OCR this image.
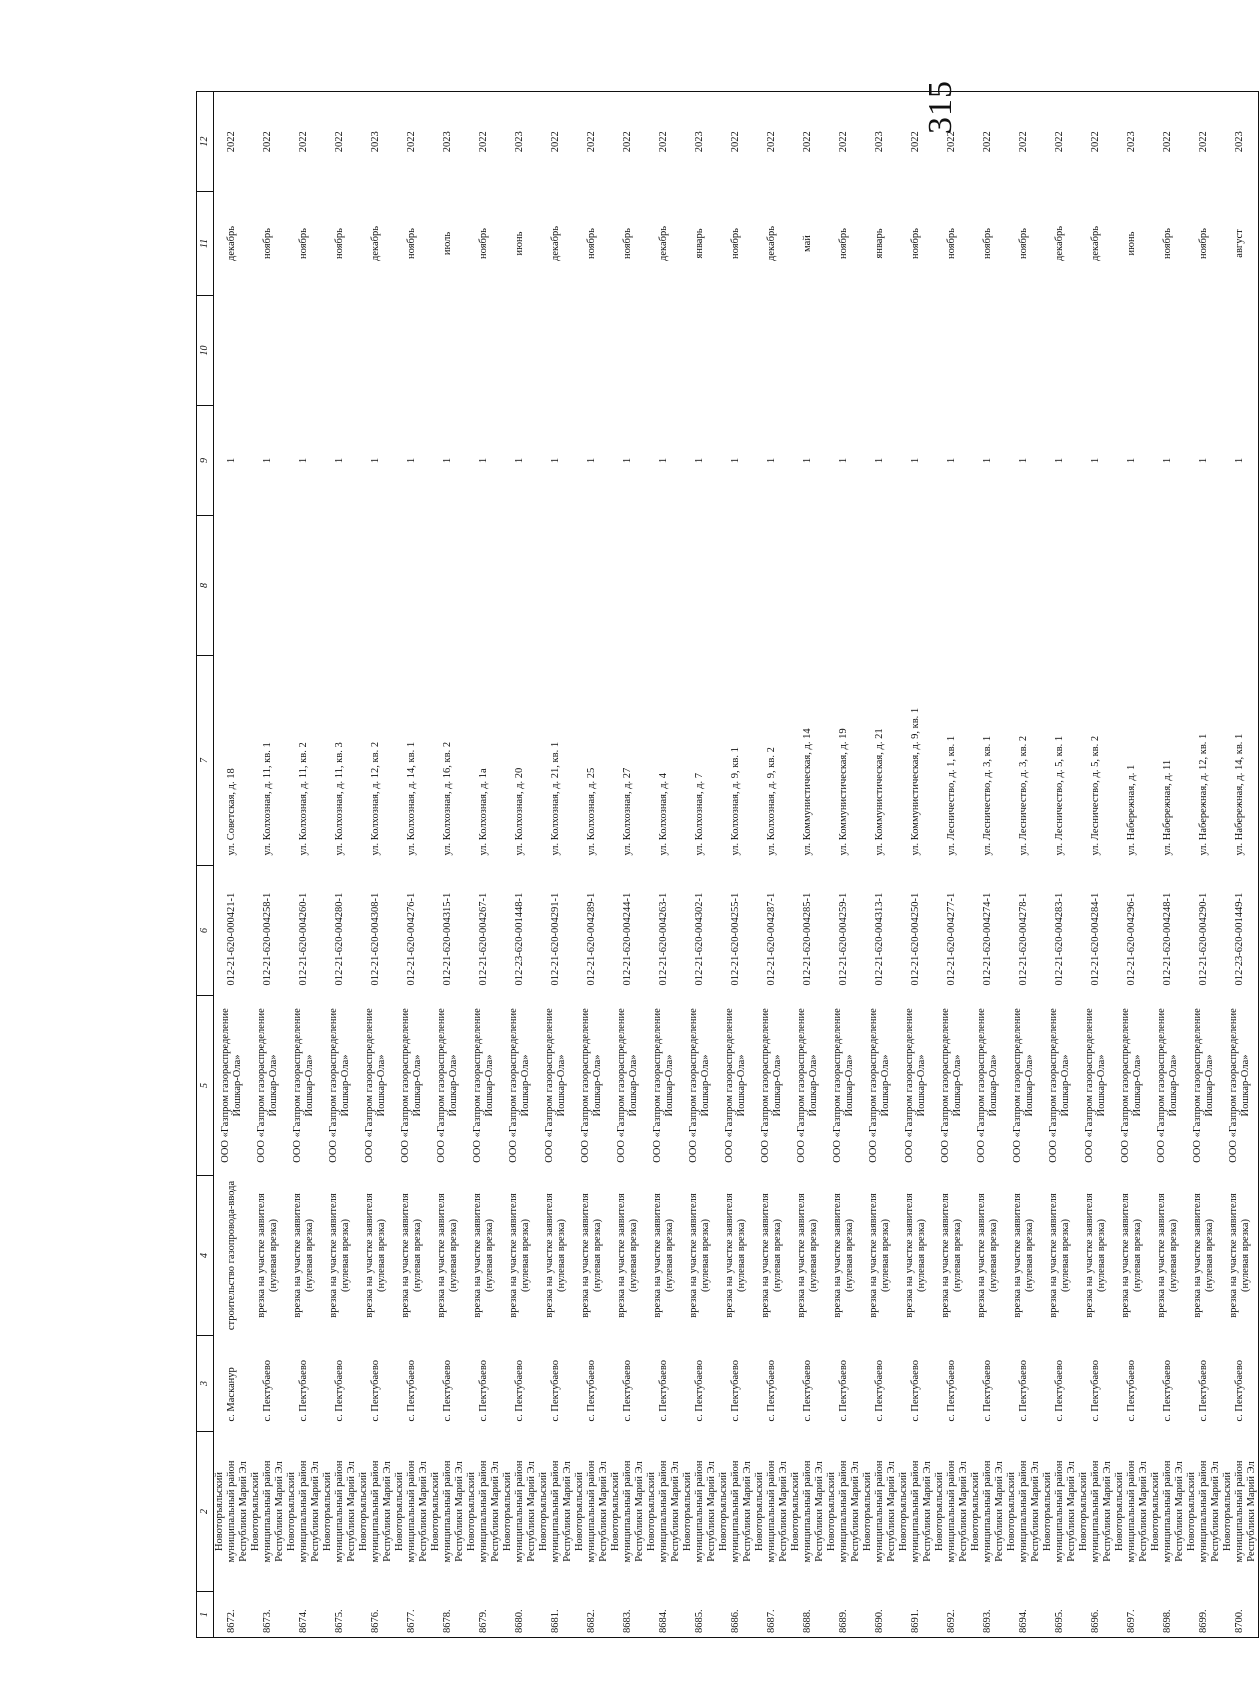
315
1	2	3	4	5	6	7	8	9	10	11	12
8672.	Новоторъяльский муниципальный район Республики Марий Эл	с. Масканур	строительство газопровода-ввода	ООО «Газпром газораспределение Йошкар-Ола»	012-21-620-000421-1	ул. Советская, д. 18		1		декабрь	2022
8673.	Новоторъяльский муниципальный район Республики Марий Эл	с. Пектубаево	врезка на участке заявителя (нулевая врезка)	ООО «Газпром газораспределение Йошкар-Ола»	012-21-620-004258-1	ул. Колхозная, д. 11, кв. 1		1		ноябрь	2022
8674.	Новоторъяльский муниципальный район Республики Марий Эл	с. Пектубаево	врезка на участке заявителя (нулевая врезка)	ООО «Газпром газораспределение Йошкар-Ола»	012-21-620-004260-1	ул. Колхозная, д. 11, кв. 2		1		ноябрь	2022
8675.	Новоторъяльский муниципальный район Республики Марий Эл	с. Пектубаево	врезка на участке заявителя (нулевая врезка)	ООО «Газпром газораспределение Йошкар-Ола»	012-21-620-004280-1	ул. Колхозная, д. 11, кв. 3		1		ноябрь	2022
8676.	Новоторъяльский муниципальный район Республики Марий Эл	с. Пектубаево	врезка на участке заявителя (нулевая врезка)	ООО «Газпром газораспределение Йошкар-Ола»	012-21-620-004308-1	ул. Колхозная, д. 12, кв. 2		1		декабрь	2023
8677.	Новоторъяльский муниципальный район Республики Марий Эл	с. Пектубаево	врезка на участке заявителя (нулевая врезка)	ООО «Газпром газораспределение Йошкар-Ола»	012-21-620-004276-1	ул. Колхозная, д. 14, кв. 1		1		ноябрь	2022
8678.	Новоторъяльский муниципальный район Республики Марий Эл	с. Пектубаево	врезка на участке заявителя (нулевая врезка)	ООО «Газпром газораспределение Йошкар-Ола»	012-21-620-004315-1	ул. Колхозная, д. 16, кв. 2		1		июль	2023
8679.	Новоторъяльский муниципальный район Республики Марий Эл	с. Пектубаево	врезка на участке заявителя (нулевая врезка)	ООО «Газпром газораспределение Йошкар-Ола»	012-21-620-004267-1	ул. Колхозная, д. 1а		1		ноябрь	2022
8680.	Новоторъяльский муниципальный район Республики Марий Эл	с. Пектубаево	врезка на участке заявителя (нулевая врезка)	ООО «Газпром газораспределение Йошкар-Ола»	012-23-620-001448-1	ул. Колхозная, д. 20		1		июнь	2023
8681.	Новоторъяльский муниципальный район Республики Марий Эл	с. Пектубаево	врезка на участке заявителя (нулевая врезка)	ООО «Газпром газораспределение Йошкар-Ола»	012-21-620-004291-1	ул. Колхозная, д. 21, кв. 1		1		декабрь	2022
8682.	Новоторъяльский муниципальный район Республики Марий Эл	с. Пектубаево	врезка на участке заявителя (нулевая врезка)	ООО «Газпром газораспределение Йошкар-Ола»	012-21-620-004289-1	ул. Колхозная, д. 25		1		ноябрь	2022
8683.	Новоторъяльский муниципальный район Республики Марий Эл	с. Пектубаево	врезка на участке заявителя (нулевая врезка)	ООО «Газпром газораспределение Йошкар-Ола»	012-21-620-004244-1	ул. Колхозная, д. 27		1		ноябрь	2022
8684.	Новоторъяльский муниципальный район Республики Марий Эл	с. Пектубаево	врезка на участке заявителя (нулевая врезка)	ООО «Газпром газораспределение Йошкар-Ола»	012-21-620-004263-1	ул. Колхозная, д. 4		1		декабрь	2022
8685.	Новоторъяльский муниципальный район Республики Марий Эл	с. Пектубаево	врезка на участке заявителя (нулевая врезка)	ООО «Газпром газораспределение Йошкар-Ола»	012-21-620-004302-1	ул. Колхозная, д. 7		1		январь	2023
8686.	Новоторъяльский муниципальный район Республики Марий Эл	с. Пектубаево	врезка на участке заявителя (нулевая врезка)	ООО «Газпром газораспределение Йошкар-Ола»	012-21-620-004255-1	ул. Колхозная, д. 9, кв. 1		1		ноябрь	2022
8687.	Новоторъяльский муниципальный район Республики Марий Эл	с. Пектубаево	врезка на участке заявителя (нулевая врезка)	ООО «Газпром газораспределение Йошкар-Ола»	012-21-620-004287-1	ул. Колхозная, д. 9, кв. 2		1		декабрь	2022
8688.	Новоторъяльский муниципальный район Республики Марий Эл	с. Пектубаево	врезка на участке заявителя (нулевая врезка)	ООО «Газпром газораспределение Йошкар-Ола»	012-21-620-004285-1	ул. Коммунистическая, д. 14		1		май	2022
8689.	Новоторъяльский муниципальный район Республики Марий Эл	с. Пектубаево	врезка на участке заявителя (нулевая врезка)	ООО «Газпром газораспределение Йошкар-Ола»	012-21-620-004259-1	ул. Коммунистическая, д. 19		1		ноябрь	2022
8690.	Новоторъяльский муниципальный район Республики Марий Эл	с. Пектубаево	врезка на участке заявителя (нулевая врезка)	ООО «Газпром газораспределение Йошкар-Ола»	012-21-620-004313-1	ул. Коммунистическая, д. 21		1		январь	2023
8691.	Новоторъяльский муниципальный район Республики Марий Эл	с. Пектубаево	врезка на участке заявителя (нулевая врезка)	ООО «Газпром газораспределение Йошкар-Ола»	012-21-620-004250-1	ул. Коммунистическая, д. 9, кв. 1		1		ноябрь	2022
8692.	Новоторъяльский муниципальный район Республики Марий Эл	с. Пектубаево	врезка на участке заявителя (нулевая врезка)	ООО «Газпром газораспределение Йошкар-Ола»	012-21-620-004277-1	ул. Лесничество, д. 1, кв. 1		1		ноябрь	2022
8693.	Новоторъяльский муниципальный район Республики Марий Эл	с. Пектубаево	врезка на участке заявителя (нулевая врезка)	ООО «Газпром газораспределение Йошкар-Ола»	012-21-620-004274-1	ул. Лесничество, д. 3, кв. 1		1		ноябрь	2022
8694.	Новоторъяльский муниципальный район Республики Марий Эл	с. Пектубаево	врезка на участке заявителя (нулевая врезка)	ООО «Газпром газораспределение Йошкар-Ола»	012-21-620-004278-1	ул. Лесничество, д. 3, кв. 2		1		ноябрь	2022
8695.	Новоторъяльский муниципальный район Республики Марий Эл	с. Пектубаево	врезка на участке заявителя (нулевая врезка)	ООО «Газпром газораспределение Йошкар-Ола»	012-21-620-004283-1	ул. Лесничество, д. 5, кв. 1		1		декабрь	2022
8696.	Новоторъяльский муниципальный район Республики Марий Эл	с. Пектубаево	врезка на участке заявителя (нулевая врезка)	ООО «Газпром газораспределение Йошкар-Ола»	012-21-620-004284-1	ул. Лесничество, д. 5, кв. 2		1		декабрь	2022
8697.	Новоторъяльский муниципальный район Республики Марий Эл	с. Пектубаево	врезка на участке заявителя (нулевая врезка)	ООО «Газпром газораспределение Йошкар-Ола»	012-21-620-004296-1	ул. Набережная, д. 1		1		июнь	2023
8698.	Новоторъяльский муниципальный район Республики Марий Эл	с. Пектубаево	врезка на участке заявителя (нулевая врезка)	ООО «Газпром газораспределение Йошкар-Ола»	012-21-620-004248-1	ул. Набережная, д. 11		1		ноябрь	2022
8699.	Новоторъяльский муниципальный район Республики Марий Эл	с. Пектубаево	врезка на участке заявителя (нулевая врезка)	ООО «Газпром газораспределение Йошкар-Ола»	012-21-620-004290-1	ул. Набережная, д. 12, кв. 1		1		ноябрь	2022
8700.	Новоторъяльский муниципальный район Республики Марий Эл	с. Пектубаево	врезка на участке заявителя (нулевая врезка)	ООО «Газпром газораспределение Йошкар-Ола»	012-23-620-001449-1	ул. Набережная, д. 14, кв. 1		1		август	2023
